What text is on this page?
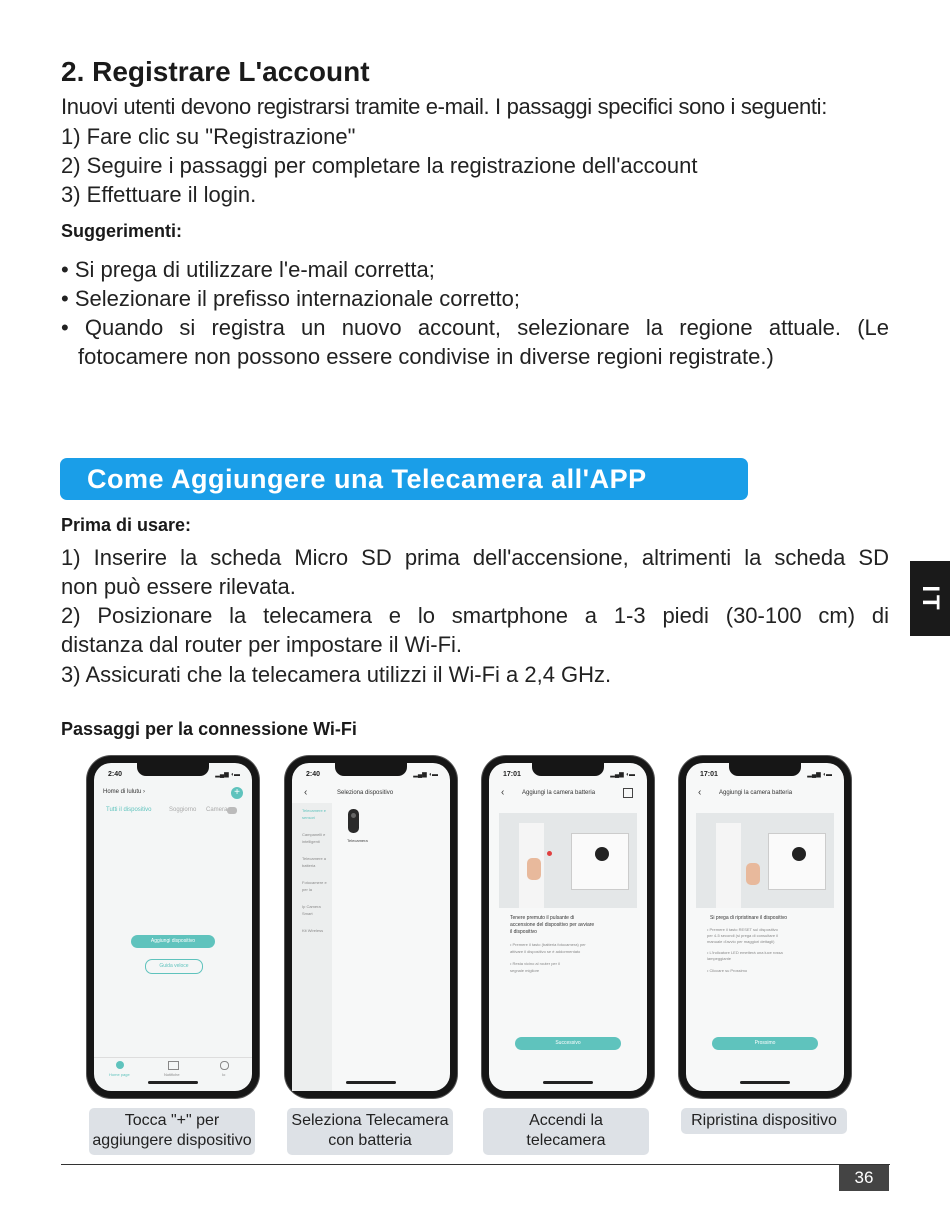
2. Registrare L'account
Inuovi utenti devono registrarsi tramite e-mail. I passaggi specifici sono i seguenti:
1) Fare clic su "Registrazione"
2) Seguire i passaggi per completare la registrazione dell'account
3) Effettuare il login.
Suggerimenti:
• Si prega di utilizzare l'e-mail corretta;
• Selezionare il prefisso internazionale corretto;
• Quando si registra un nuovo account, selezionare la regione attuale. (Le
fotocamere non possono essere condivise in diverse regioni registrate.)
Come Aggiungere una Telecamera all'APP
IT
Prima di usare:
1) Inserire la scheda Micro SD prima dell'accensione, altrimenti la scheda SD
non può essere rilevata.
2) Posizionare la telecamera e lo smartphone a 1-3 piedi (30-100 cm) di
distanza dal router per impostare il Wi-Fi.
3) Assicurati che la telecamera utilizzi il Wi-Fi a 2,4 GHz.
Passaggi per la connessione Wi-Fi
2:40	▂▄▆ ◖▬
Home di lulutu ›	+
Tutti il dispositivo	Soggiorno Camera
Aggiungi dispositivo
Guida veloce
Home page	Notifiche	Io
2:40	▂▄▆ ◖▬
‹	Seleziona dispositivo
Telecamere e sensori
Campanelli e intelligenti
Telecamere a batteria
Fotocamere e per la
Ip Camera Smart
Kit Wireless
Telecamera
17:01	▂▄▆ ◖▬
‹	Aggiungi la camera batteria
Tenere premuto il pulsante di
accensione del dispositivo per avviare
il dispositivo
• Premere il tasto (batteria fotocamera) per
attivare il dispositivo se è addormentato
• Resta vicino al router per il
segnale migliore
Successivo
17:01	▂▄▆ ◖▬
‹	Aggiungi la camera batteria
Si prega di ripristinare il dispositivo
• Premere il tasto RESET sul dispositivo
per 4-5 secondi (si prega di consultare il
manuale d'avvio per maggiori dettagli)
• L'indicatore LED emetterà una luce rossa
lampeggiante
• Cliccare su Prossimo
Prossimo
Tocca "+" per
aggiungere dispositivo
Seleziona Telecamera
con batteria
Accendi la
telecamera
Ripristina dispositivo
36
